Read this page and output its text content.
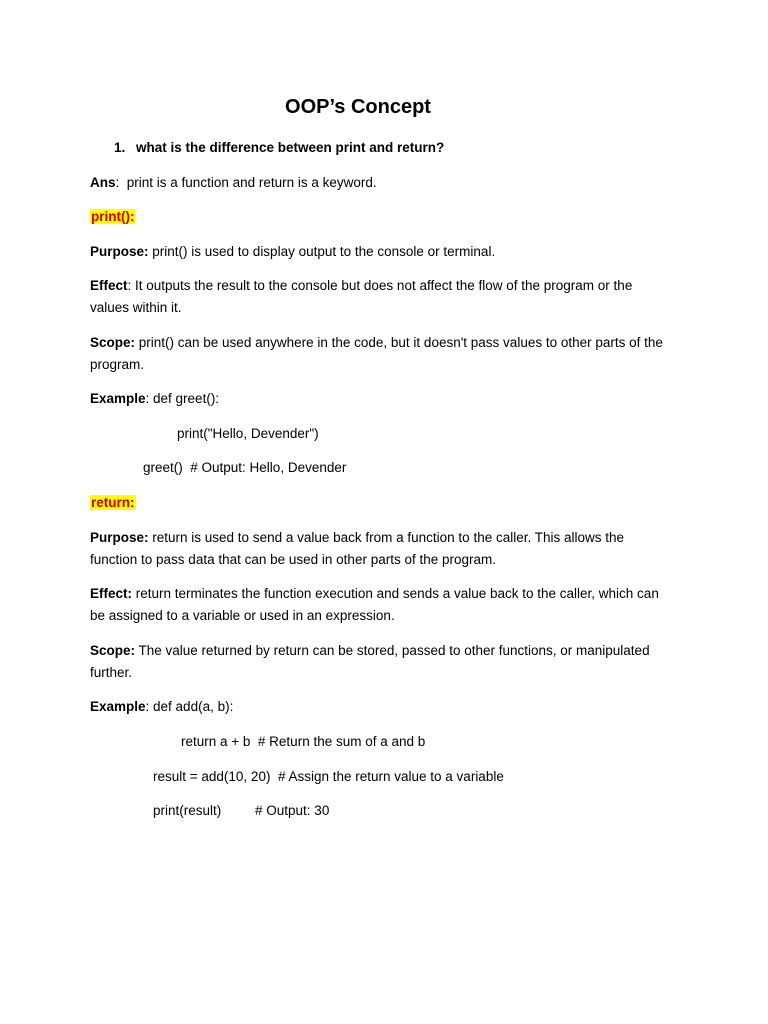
OOP’s Concept
1. what is the difference between print and return?
Ans:  print is a function and return is a keyword.
print():
Purpose: print() is used to display output to the console or terminal.
Effect: It outputs the result to the console but does not affect the flow of the program or the
values within it.
Scope: print() can be used anywhere in the code, but it doesn't pass values to other parts of the
program.
Example: def greet():
print("Hello, Devender")
greet()  # Output: Hello, Devender
return:
Purpose: return is used to send a value back from a function to the caller. This allows the
function to pass data that can be used in other parts of the program.
Effect: return terminates the function execution and sends a value back to the caller, which can
be assigned to a variable or used in an expression.
Scope: The value returned by return can be stored, passed to other functions, or manipulated
further.
Example: def add(a, b):
return a + b  # Return the sum of a and b
result = add(10, 20)  # Assign the return value to a variable
print(result)         # Output: 30
